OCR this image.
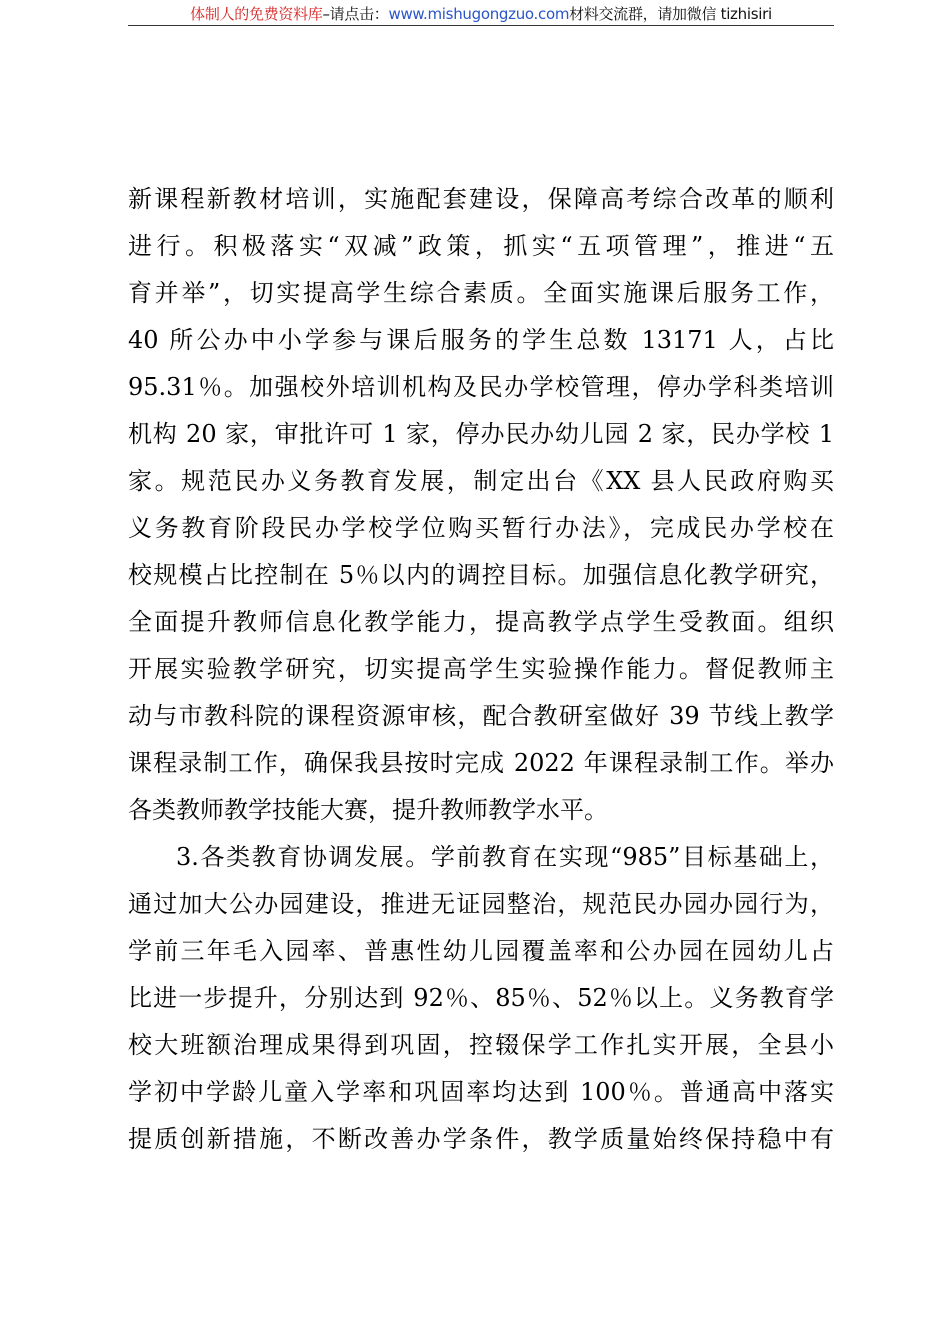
体制人的免费资料库–请点击：www.mishugongzuo.com材料交流群，请加微信 tizhisiri
新课程新教材培训，实施配套建设，保障高考综合改革的顺利
进行。积极落实“双减”政策，抓实“五项管理”，推进“五
育并举”，切实提高学生综合素质。全面实施课后服务工作，
40 所公办中小学参与课后服务的学生总数 13171 人，占比
95.31％。加强校外培训机构及民办学校管理，停办学科类培训
机构 20 家，审批许可 1 家，停办民办幼儿园 2 家，民办学校 1
家。规范民办义务教育发展，制定出台《XX 县人民政府购买
义务教育阶段民办学校学位购买暂行办法》，完成民办学校在
校规模占比控制在 5％以内的调控目标。加强信息化教学研究，
全面提升教师信息化教学能力，提高教学点学生受教面。组织
开展实验教学研究，切实提高学生实验操作能力。督促教师主
动与市教科院的课程资源审核，配合教研室做好 39 节线上教学
课程录制工作，确保我县按时完成 2022 年课程录制工作。举办
各类教师教学技能大赛，提升教师教学水平。
3.各类教育协调发展。学前教育在实现“985”目标基础上，
通过加大公办园建设，推进无证园整治，规范民办园办园行为，
学前三年毛入园率、普惠性幼儿园覆盖率和公办园在园幼儿占
比进一步提升，分别达到 92％、85％、52％以上。义务教育学
校大班额治理成果得到巩固，控辍保学工作扎实开展，全县小
学初中学龄儿童入学率和巩固率均达到 100％。普通高中落实
提质创新措施，不断改善办学条件，教学质量始终保持稳中有
